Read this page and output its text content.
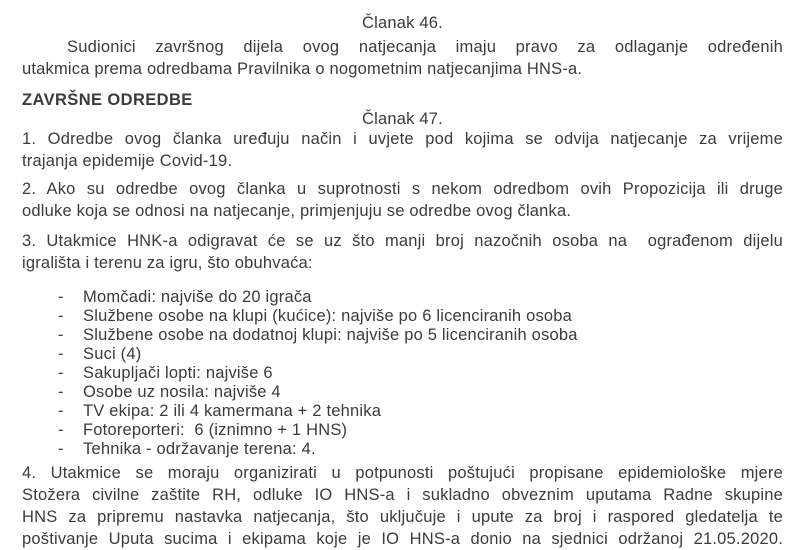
Članak 46.
Sudionici završnog dijela ovog natjecanja imaju pravo za odlaganje određenih
utakmica prema odredbama Pravilnika o nogometnim natjecanjima HNS-a.
ZAVRŠNE ODREDBE
Članak 47.
1. Odredbe ovog članka uređuju način i uvjete pod kojima se odvija natjecanje za vrijeme
trajanja epidemije Covid-19.
2. Ako su odredbe ovog članka u suprotnosti s nekom odredbom ovih Propozicija ili druge
odluke koja se odnosi na natjecanje, primjenjuju se odredbe ovog članka.
3. Utakmice HNK-a odigravat će se uz što manji broj nazočnih osoba na  ograđenom dijelu
igrališta i terenu za igru, što obuhvaća:
-	Momčadi: najviše do 20 igrača
-	Službene osobe na klupi (kućice): najviše po 6 licenciranih osoba
-	Službene osobe na dodatnoj klupi: najviše po 5 licenciranih osoba
-	Suci (4)
-	Sakupljači lopti: najviše 6
-	Osobe uz nosila: najviše 4
-	TV ekipa: 2 ili 4 kamermana + 2 tehnika
-	Fotoreporteri:  6 (iznimno + 1 HNS)
-	Tehnika - održavanje terena: 4.
4. Utakmice se moraju organizirati u potpunosti poštujući propisane epidemiološke mjere
Stožera civilne zaštite RH, odluke IO HNS-a i sukladno obveznim uputama Radne skupine
HNS za pripremu nastavka natjecanja, što uključuje i upute za broj i raspored gledatelja te
poštivanje Uputa sucima i ekipama koje je IO HNS-a donio na sjednici održanoj 21.05.2020.
